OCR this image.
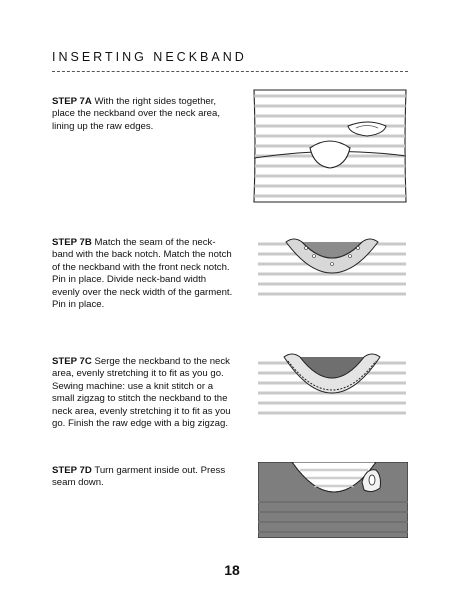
INSERTING NECKBAND
STEP 7A With the right sides together, place the neckband over the neck area, lining up the raw edges.
STEP 7B Match the seam of the neck-band with the back notch. Match the notch of the neckband with the front neck notch. Pin in place. Divide neck-band width evenly over the neck width of the garment. Pin in place.
STEP 7C Serge the neckband to the neck area, evenly stretching it to fit as you go. Sewing machine: use a knit stitch or a small zigzag to stitch the neckband to the neck area, evenly stretching it to fit as you go. Finish the raw edge with a big zigzag.
STEP 7D Turn garment inside out. Press seam down.
18
